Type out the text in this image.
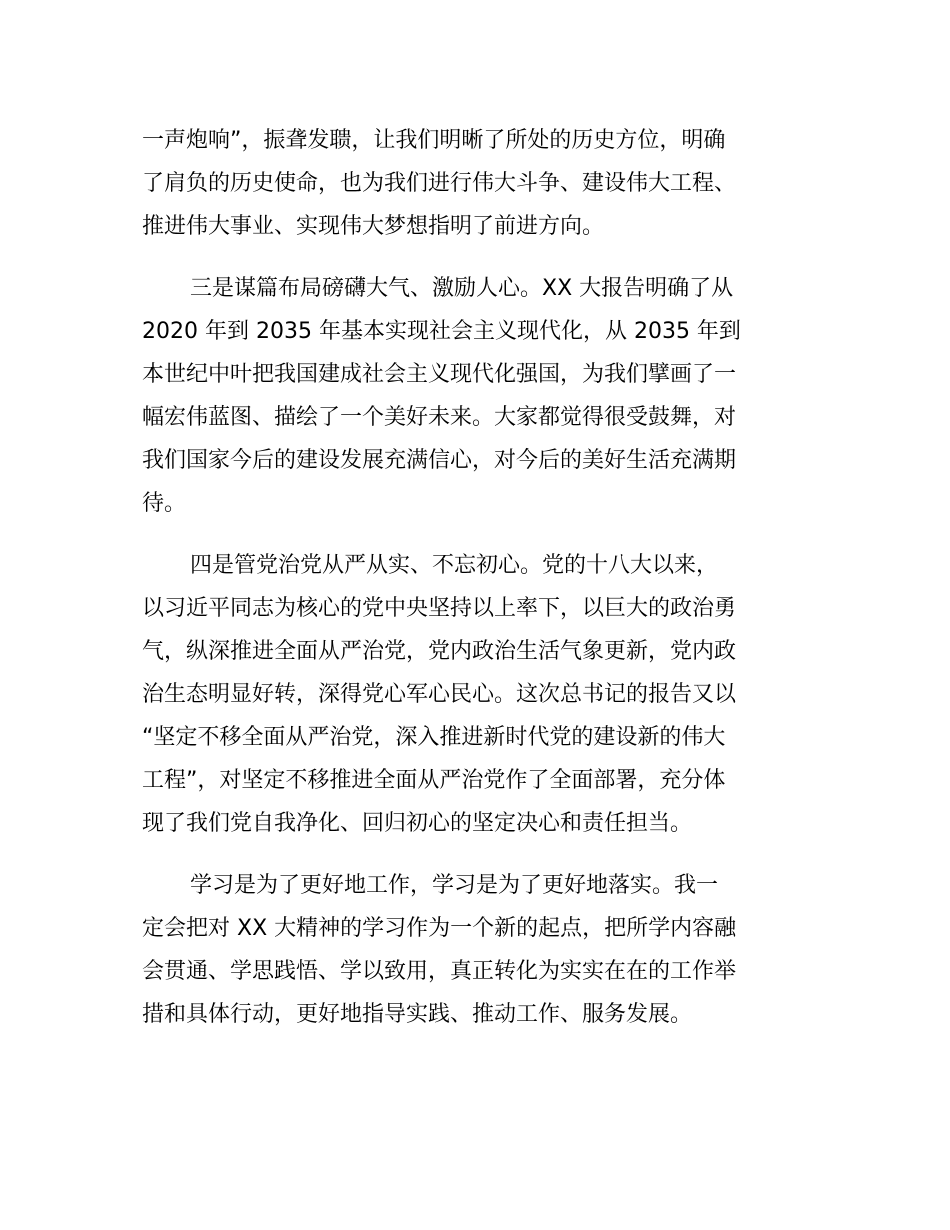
一声炮响”，振聋发聩，让我们明晰了所处的历史方位，明确
了肩负的历史使命，也为我们进行伟大斗争、建设伟大工程、
推进伟大事业、实现伟大梦想指明了前进方向。
三是谋篇布局磅礴大气、激励人心。XX 大报告明确了从
2020 年到 2035 年基本实现社会主义现代化，从 2035 年到
本世纪中叶把我国建成社会主义现代化强国，为我们擘画了一
幅宏伟蓝图、描绘了一个美好未来。大家都觉得很受鼓舞，对
我们国家今后的建设发展充满信心，对今后的美好生活充满期
待。
四是管党治党从严从实、不忘初心。党的十八大以来，
以习近平同志为核心的党中央坚持以上率下，以巨大的政治勇
气，纵深推进全面从严治党，党内政治生活气象更新，党内政
治生态明显好转，深得党心军心民心。这次总书记的报告又以
“坚定不移全面从严治党，深入推进新时代党的建设新的伟大
工程”，对坚定不移推进全面从严治党作了全面部署，充分体
现了我们党自我净化、回归初心的坚定决心和责任担当。
学习是为了更好地工作，学习是为了更好地落实。我一
定会把对 XX 大精神的学习作为一个新的起点，把所学内容融
会贯通、学思践悟、学以致用，真正转化为实实在在的工作举
措和具体行动，更好地指导实践、推动工作、服务发展。
